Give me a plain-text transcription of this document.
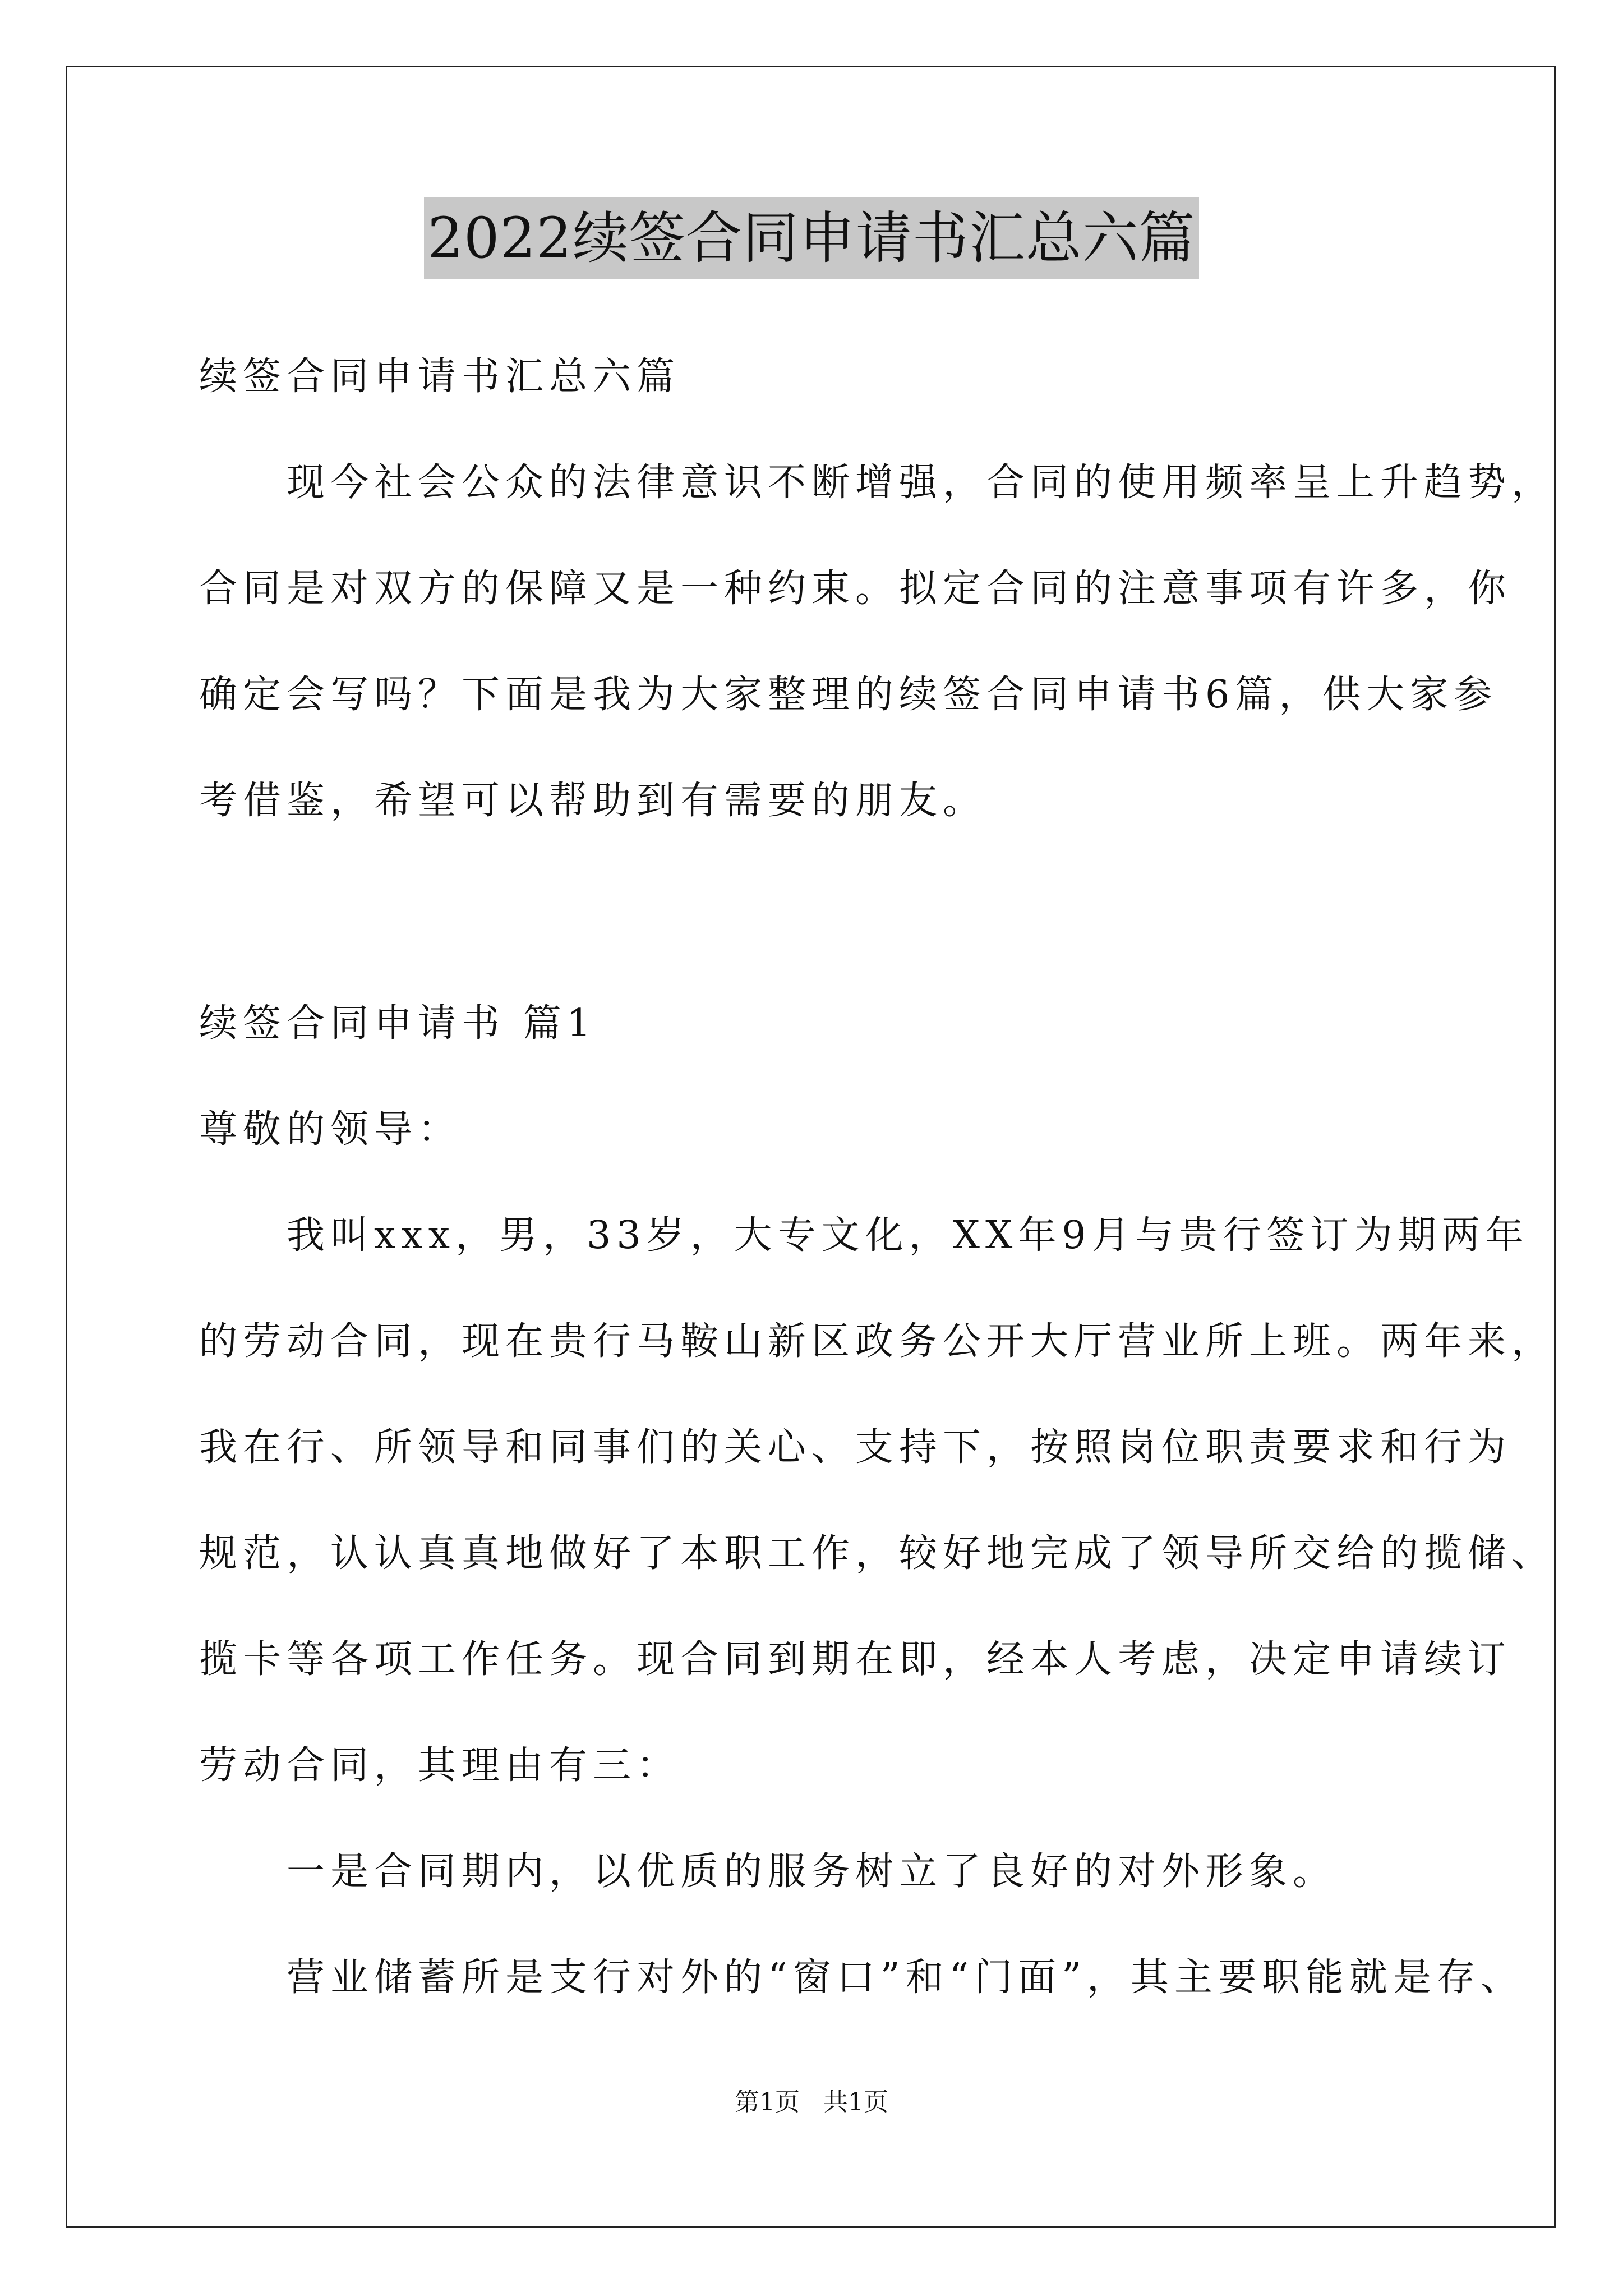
2022续签合同申请书汇总六篇
续签合同申请书汇总六篇
　　现今社会公众的法律意识不断增强，合同的使用频率呈上升趋势，
合同是对双方的保障又是一种约束。拟定合同的注意事项有许多，你
确定会写吗？下面是我为大家整理的续签合同申请书6篇，供大家参
考借鉴，希望可以帮助到有需要的朋友。
续签合同申请书 篇1
尊敬的领导：
　　我叫xxx，男，33岁，大专文化，XX年9月与贵行签订为期两年
的劳动合同，现在贵行马鞍山新区政务公开大厅营业所上班。两年来，
我在行、所领导和同事们的关心、支持下，按照岗位职责要求和行为
规范，认认真真地做好了本职工作，较好地完成了领导所交给的揽储、
揽卡等各项工作任务。现合同到期在即，经本人考虑，决定申请续订
劳动合同，其理由有三：
　　一是合同期内，以优质的服务树立了良好的对外形象。
　　营业储蓄所是支行对外的“窗口”和“门面”，其主要职能就是存、
第1页   共1页
